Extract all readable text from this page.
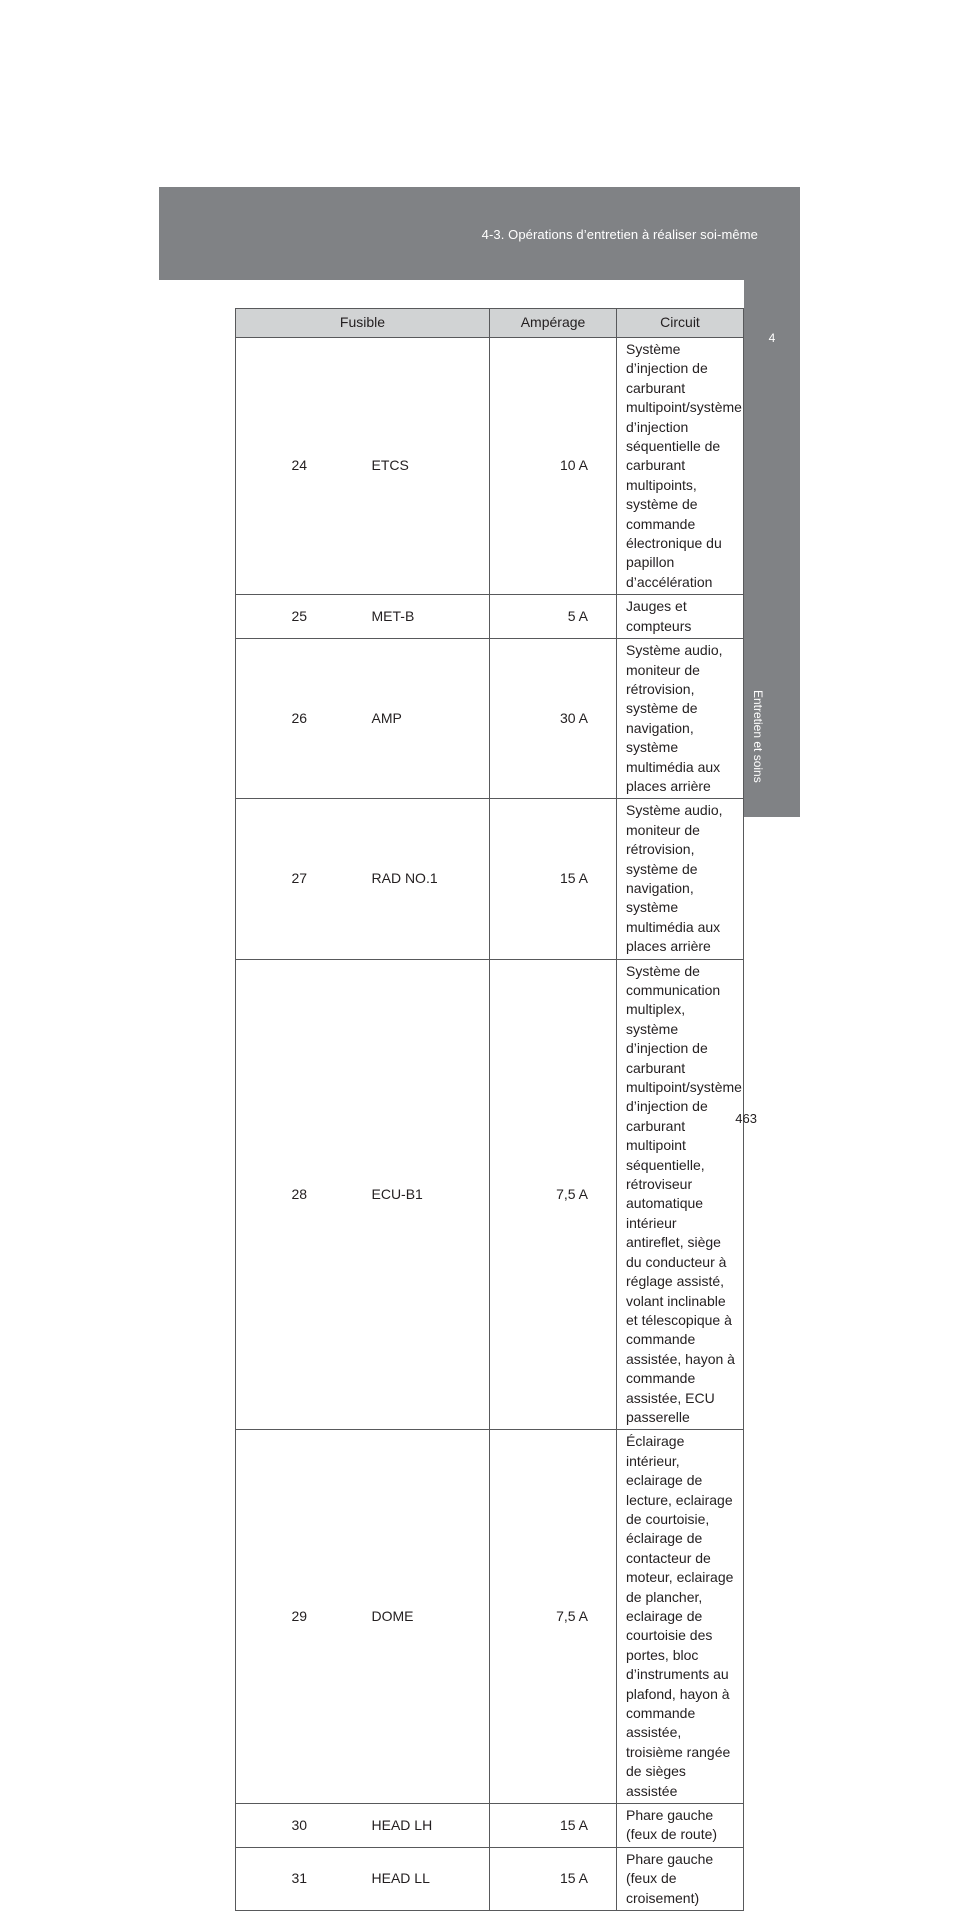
4-3. Opérations d’entretien à réaliser soi-même
4
Entretien et soins
Fusible		Ampérage	Circuit
24	ETCS	10 A	Système d’injection de carburant multipoint/système d’injection séquentielle de carburant multipoints, système de commande électronique du papillon d’accélération
25	MET-B	5 A	Jauges et compteurs
26	AMP	30 A	Système audio, moniteur de rétrovision, système de navigation, système multimédia aux places arrière
27	RAD NO.1	15 A	Système audio, moniteur de rétrovision, système de navigation, système multimédia aux places arrière
28	ECU-B1	7,5 A	Système de communication multiplex, système d’injection de carburant multipoint/système d’injection de carburant multipoint séquentielle, rétroviseur automatique intérieur antireflet, siège du conducteur à réglage assisté, volant inclinable et télescopique à commande assistée, hayon à commande assistée, ECU passerelle
29	DOME	7,5 A	Éclairage intérieur, eclairage de lecture, eclairage de courtoisie, éclairage de contacteur de moteur, eclairage de plancher, eclairage de courtoisie des portes, bloc d’instruments au plafond, hayon à commande assistée, troisième rangée de sièges assistée
30	HEAD LH	15 A	Phare gauche (feux de route)
31	HEAD LL	15 A	Phare gauche (feux de croisement)
463
